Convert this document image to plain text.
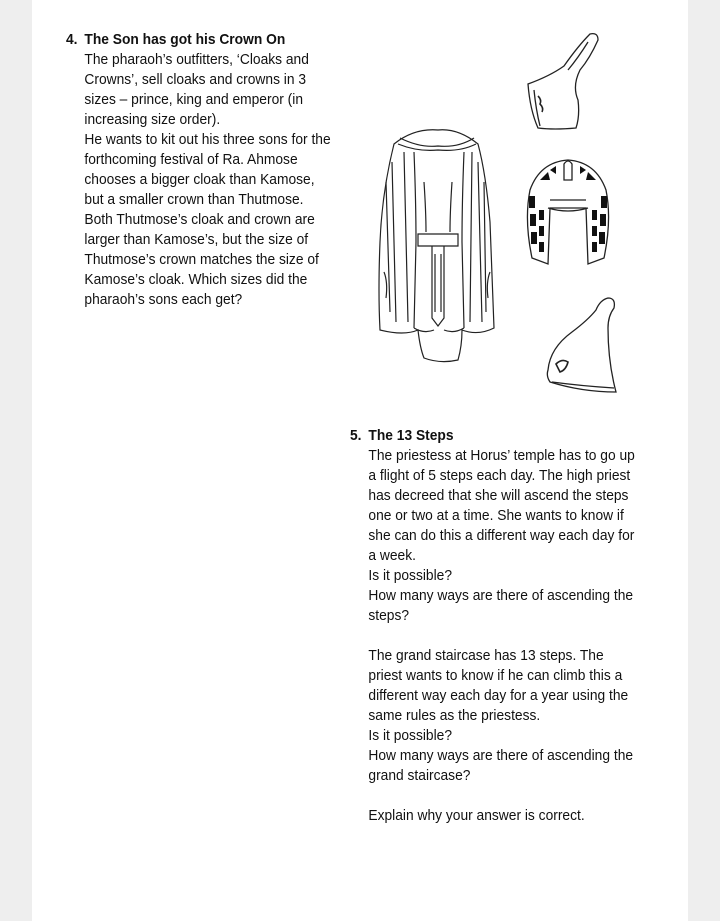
4. The Son has got his Crown On
The pharaoh’s outfitters, ‘Cloaks and
Crowns’, sell cloaks and crowns in 3
sizes – prince, king and emperor (in
increasing size order).
He wants to kit out his three sons for the
forthcoming festival of Ra. Ahmose
chooses a bigger cloak than Kamose,
but a smaller crown than Thutmose.
Both Thutmose’s cloak and crown are
larger than Kamose’s, but the size of
Thutmose’s crown matches the size of
Kamose’s cloak. Which sizes did the
pharaoh’s sons each get?
5. The 13 Steps
The priestess at Horus’ temple has to go up
a flight of 5 steps each day. The high priest
has decreed that she will ascend the steps
one or two at a time. She wants to know if
she can do this a different way each day for
a week.
Is it possible?
How many ways are there of ascending the
steps?
The grand staircase has 13 steps. The
priest wants to know if he can climb this a
different way each day for a year using the
same rules as the priestess.
Is it possible?
How many ways are there of ascending the
grand staircase?
Explain why your answer is correct.
